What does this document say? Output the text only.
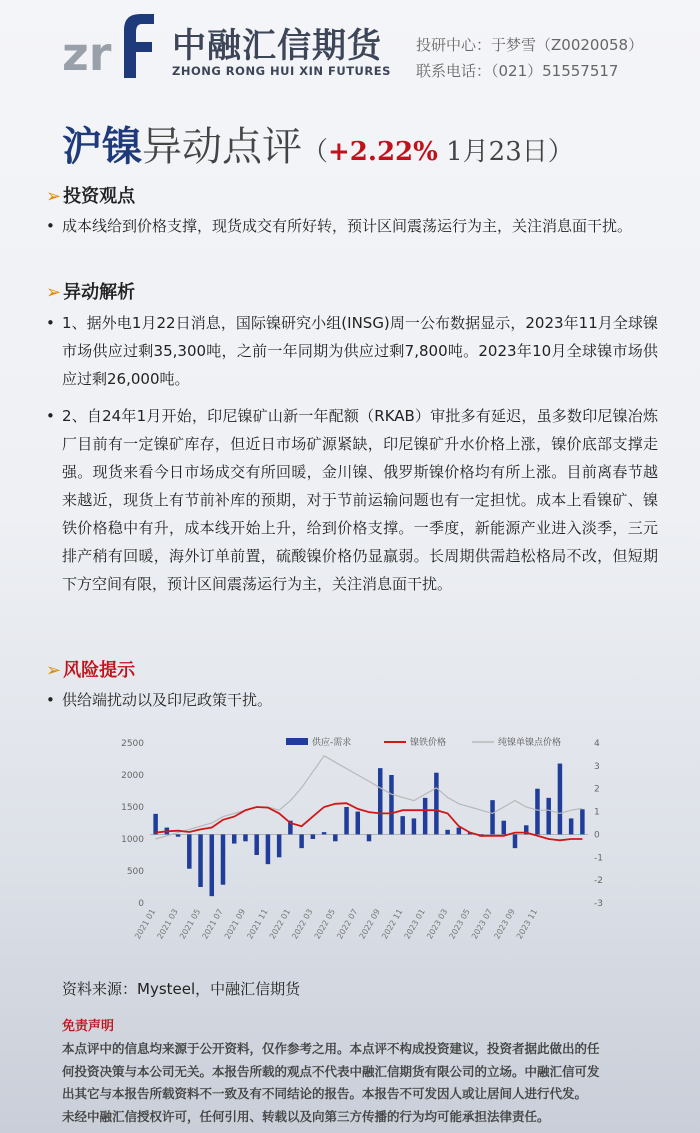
zr 中融汇信期货
ZHONG RONG HUI XIN FUTURES
投研中心：于梦雪（Z0020058）
联系电话：（021）51557517
沪镍异动点评（+2.22% 1月23日）
➢ 投资观点
• 成本线给到价格支撑，现货成交有所好转，预计区间震荡运行为主，关注消息面干扰。
➢ 异动解析
• 1、据外电1月22日消息，国际镍研究小组(INSG)周一公布数据显示，2023年11月全球镍市场供应过剩35,300吨，之前一年同期为供应过剩7,800吨。2023年10月全球镍市场供应过剩26,000吨。
• 2、自24年1月开始，印尼镍矿山新一年配额（RKAB）审批多有延迟，虽多数印尼镍冶炼厂目前有一定镍矿库存，但近日市场矿源紧缺，印尼镍矿升水价格上涨，镍价底部支撑走强。现货来看今日市场成交有所回暖，金川镍、俄罗斯镍价格均有所上涨。目前离春节越来越近，现货上有节前补库的预期，对于节前运输问题也有一定担忧。成本上看镍矿、镍铁价格稳中有升，成本线开始上升，给到价格支撑。一季度，新能源产业进入淡季，三元排产稍有回暖，海外订单前置，硫酸镍价格仍显羸弱。长周期供需趋松格局不改，但短期下方空间有限，预计区间震荡运行为主，关注消息面干扰。
➢ 风险提示
• 供给端扰动以及印尼政策干扰。
供应-需求	镍铁价格	纯镍单镍点价格
0
500
1000
1500
2000
2500
-3
-2
-1
0
1
2
3
4
2021 01
2021 03
2021 05
2021 07
2021 09
2021 11
2022 01
2022 03
2022 05
2022 07
2022 09
2022 11
2023 01
2023 03
2023 05
2023 07
2023 09
2023 11
资料来源：Mysteel，中融汇信期货
免责声明
本点评中的信息均来源于公开资料，仅作参考之用。本点评不构成投资建议，投资者据此做出的任
何投资决策与本公司无关。本报告所载的观点不代表中融汇信期货有限公司的立场。中融汇信可发
出其它与本报告所载资料不一致及有不同结论的报告。本报告不可发因人或让居间人进行代发。
未经中融汇信授权许可，任何引用、转载以及向第三方传播的行为均可能承担法律责任。
